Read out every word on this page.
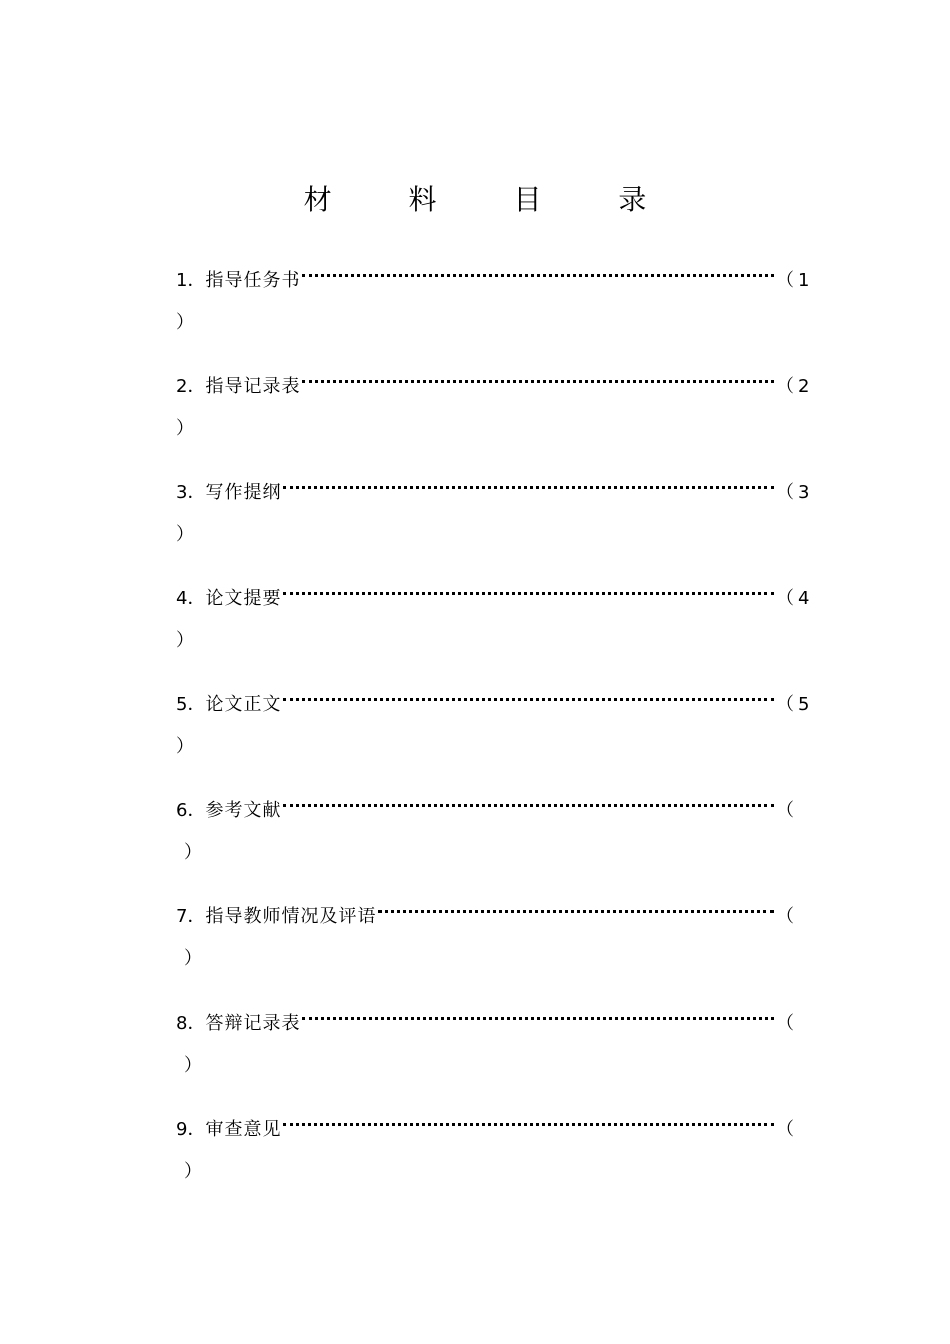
材 料 目 录
1． 指导任务书	（ 1
）
2． 指导记录表	（ 2
）
3． 写作提纲	（ 3
）
4． 论文提要	（ 4
）
5． 论文正文	（ 5
）
6． 参考文献	（
）
7． 指导教师情况及评语	（
）
8． 答辩记录表	（
）
9． 审查意见	（
）
